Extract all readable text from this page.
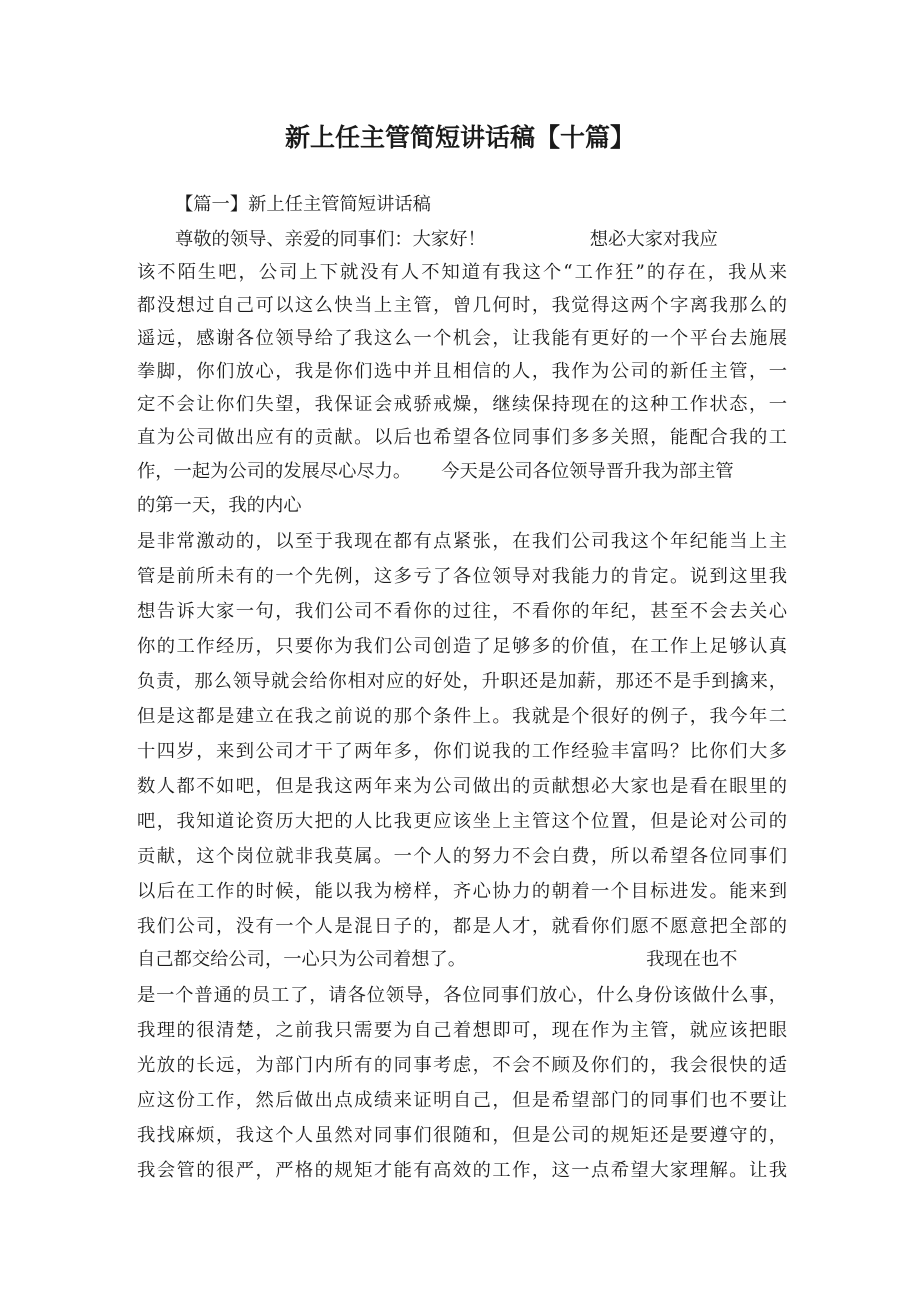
新上任主管简短讲话稿【十篇】
【篇一】新上任主管简短讲话稿
尊敬的领导、亲爱的同事们：大家好！	想必大家对我应
该不陌生吧，公司上下就没有人不知道有我这个“工作狂”的存在，我从来
都没想过自己可以这么快当上主管，曾几何时，我觉得这两个字离我那么的
遥远，感谢各位领导给了我这么一个机会，让我能有更好的一个平台去施展
拳脚，你们放心，我是你们选中并且相信的人，我作为公司的新任主管，一
定不会让你们失望，我保证会戒骄戒燥，继续保持现在的这种工作状态，一
直为公司做出应有的贡献。以后也希望各位同事们多多关照，能配合我的工
作，一起为公司的发展尽心尽力。 今天是公司各位领导晋升我为部主管
的第一天，我的内心
是非常激动的，以至于我现在都有点紧张，在我们公司我这个年纪能当上主
管是前所未有的一个先例，这多亏了各位领导对我能力的肯定。说到这里我
想告诉大家一句，我们公司不看你的过往，不看你的年纪，甚至不会去关心
你的工作经历，只要你为我们公司创造了足够多的价值，在工作上足够认真
负责，那么领导就会给你相对应的好处，升职还是加薪，那还不是手到擒来，
但是这都是建立在我之前说的那个条件上。我就是个很好的例子，我今年二
十四岁，来到公司才干了两年多，你们说我的工作经验丰富吗？比你们大多
数人都不如吧，但是我这两年来为公司做出的贡献想必大家也是看在眼里的
吧，我知道论资历大把的人比我更应该坐上主管这个位置，但是论对公司的
贡献，这个岗位就非我莫属。一个人的努力不会白费，所以希望各位同事们
以后在工作的时候，能以我为榜样，齐心协力的朝着一个目标进发。能来到
我们公司，没有一个人是混日子的，都是人才，就看你们愿不愿意把全部的
自己都交给公司，一心只为公司着想了。	我现在也不
是一个普通的员工了，请各位领导，各位同事们放心，什么身份该做什么事，
我理的很清楚，之前我只需要为自己着想即可，现在作为主管，就应该把眼
光放的长远，为部门内所有的同事考虑，不会不顾及你们的，我会很快的适
应这份工作，然后做出点成绩来证明自己，但是希望部门的同事们也不要让
我找麻烦，我这个人虽然对同事们很随和，但是公司的规矩还是要遵守的，
我会管的很严，严格的规矩才能有高效的工作，这一点希望大家理解。让我
